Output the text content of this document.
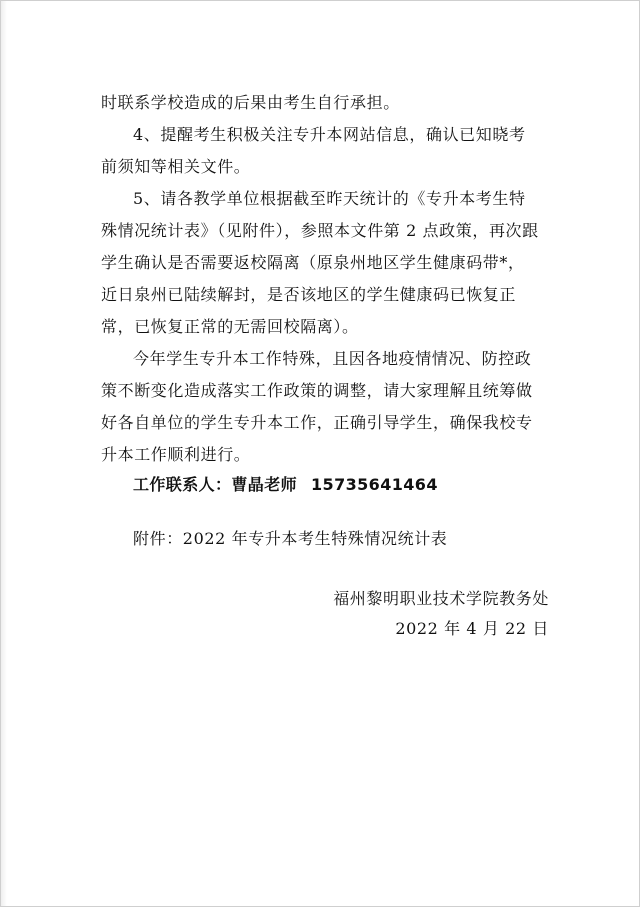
时联系学校造成的后果由考生自行承担。
4、提醒考生积极关注专升本网站信息，确认已知晓考
前须知等相关文件。
5、请各教学单位根据截至昨天统计的《专升本考生特
殊情况统计表》（见附件），参照本文件第 2 点政策，再次跟
学生确认是否需要返校隔离（原泉州地区学生健康码带*，
近日泉州已陆续解封，是否该地区的学生健康码已恢复正
常，已恢复正常的无需回校隔离）。
今年学生专升本工作特殊，且因各地疫情情况、防控政
策不断变化造成落实工作政策的调整，请大家理解且统筹做
好各自单位的学生专升本工作，正确引导学生，确保我校专
升本工作顺利进行。
工作联系人：曹晶老师 15735641464
附件：2022 年专升本考生特殊情况统计表
福州黎明职业技术学院教务处
2022 年 4 月 22 日
